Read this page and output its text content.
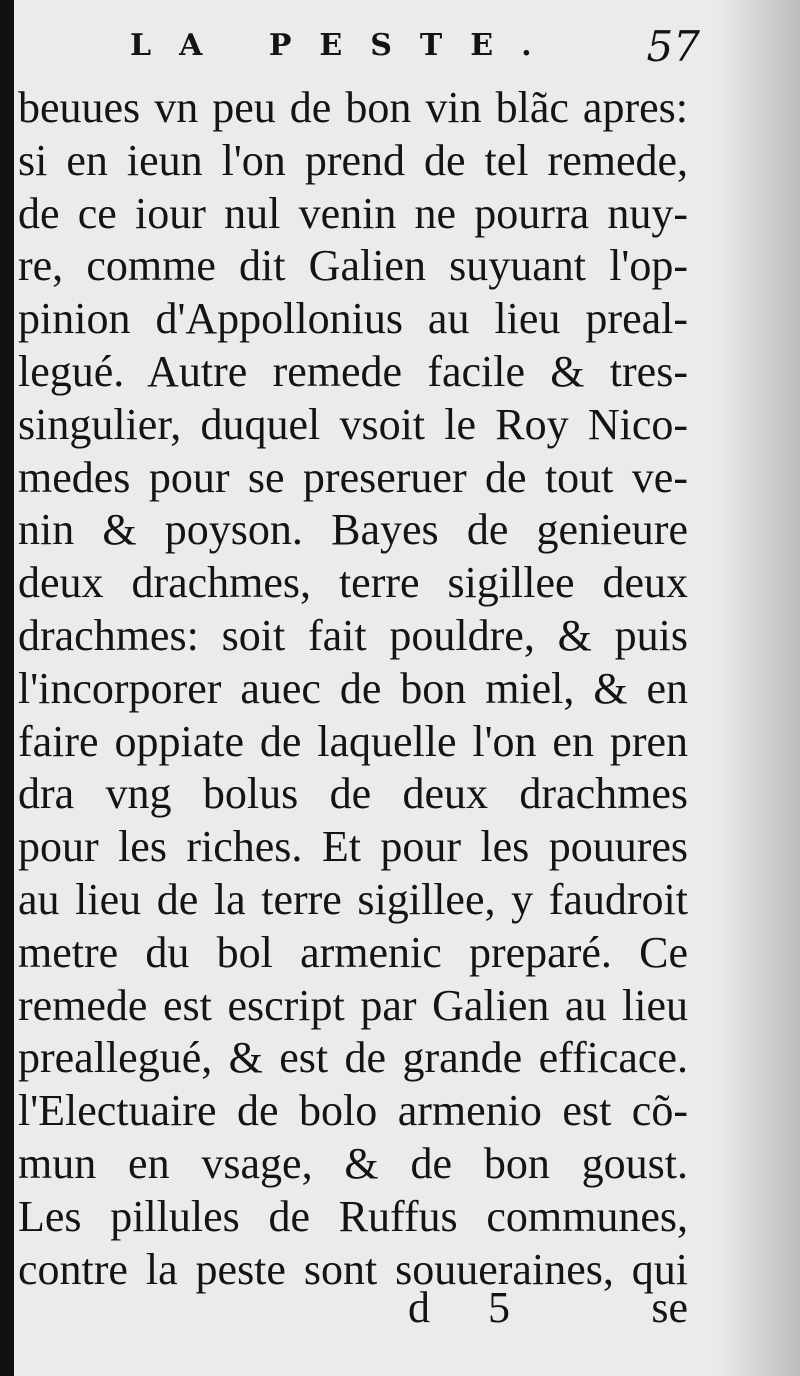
LA PESTE. 57
beuues vn peu de bon vin blãc apres:
si en ieun l'on prend de tel remede,
de ce iour nul venin ne pourra nuy-
re, comme dit Galien suyuant l'op-
pinion d'Appollonius au lieu preal-
legué. Autre remede facile & tres-
singulier, duquel vsoit le Roy Nico-
medes pour se preseruer de tout ve-
nin & poyson. Bayes de genieure
deux drachmes, terre sigillee deux
drachmes: soit fait pouldre, & puis
l'incorporer auec de bon miel, & en
faire oppiate de laquelle l'on en pren
dra vng bolus de deux drachmes
pour les riches. Et pour les pouures
au lieu de la terre sigillee, y faudroit
metre du bol armenic preparé. Ce
remede est escript par Galien au lieu
preallegué, & est de grande efficace.
l'Electuaire de bolo armenio est cõ-
mun en vsage, & de bon goust.
Les pillules de Ruffus communes,
contre la peste sont souueraines, qui
d 5	se
